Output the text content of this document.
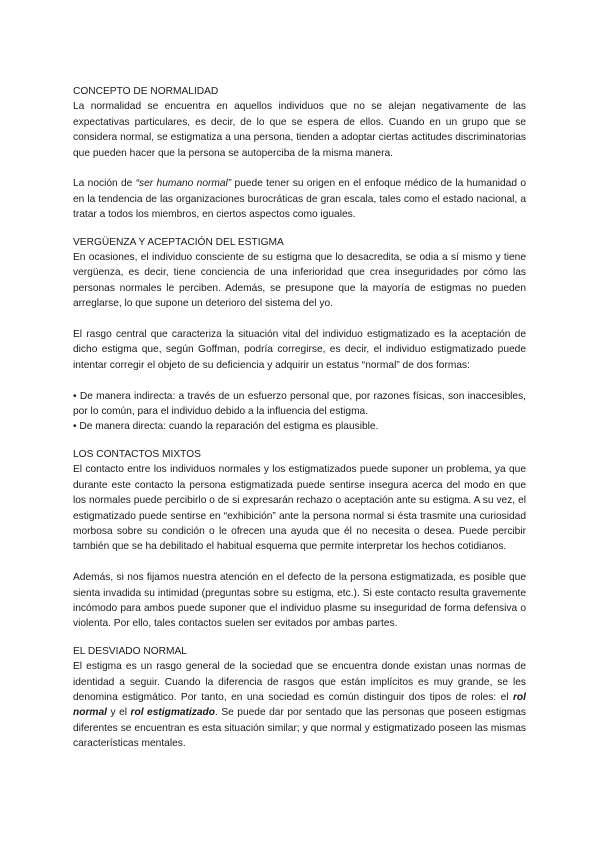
CONCEPTO DE NORMALIDAD

La normalidad se encuentra en aquellos individuos que no se alejan negativamente de las expectativas particulares, es decir, de lo que se espera de ellos. Cuando en un grupo que se considera normal, se estigmatiza a una persona, tienden a adoptar ciertas actitudes discriminatorias que pueden hacer que la persona se autoperciba de la misma manera.

La noción de “ser humano normal” puede tener su origen en el enfoque médico de la humanidad o en la tendencia de las organizaciones burocráticas de gran escala, tales como el estado nacional, a tratar a todos los miembros, en ciertos aspectos como iguales.

VERGÜENZA Y ACEPTACIÓN DEL ESTIGMA

En ocasiones, el individuo consciente de su estigma que lo desacredita, se odia a sí mismo y tiene vergüenza, es decir, tiene conciencia de una inferioridad que crea inseguridades por cómo las personas normales le perciben. Además, se presupone que la mayoría de estigmas no pueden arreglarse, lo que supone un deterioro del sistema del yo.

El rasgo central que caracteriza la situación vital del individuo estigmatizado es la aceptación de dicho estigma que, según Goffman, podría corregirse, es decir, el individuo estigmatizado puede intentar corregir el objeto de su deficiencia y adquirir un estatus “normal” de dos formas:

• De manera indirecta: a través de un esfuerzo personal que, por razones físicas, son inaccesibles, por lo común, para el individuo debido a la influencia del estigma.

• De manera directa: cuando la reparación del estigma es plausible.

LOS CONTACTOS MIXTOS

El contacto entre los individuos normales y los estigmatizados puede suponer un problema, ya que durante este contacto la persona estigmatizada puede sentirse insegura acerca del modo en que los normales puede percibirlo o de si expresarán rechazo o aceptación ante su estigma. A su vez, el estigmatizado puede sentirse en “exhibición” ante la persona normal si ésta trasmite una curiosidad morbosa sobre su condición o le ofrecen una ayuda que él no necesita o desea. Puede percibir también que se ha debilitado el habitual esquema que permite interpretar los hechos cotidianos.

Además, si nos fijamos nuestra atención en el defecto de la persona estigmatizada, es posible que sienta invadida su intimidad (preguntas sobre su estigma, etc.). Si este contacto resulta gravemente incómodo para ambos puede suponer que el individuo plasme su inseguridad de forma defensiva o violenta. Por ello, tales contactos suelen ser evitados por ambas partes.

EL DESVIADO NORMAL

El estigma es un rasgo general de la sociedad que se encuentra donde existan unas normas de identidad a seguir. Cuando la diferencia de rasgos que están implícitos es muy grande, se les denomina estigmático. Por tanto, en una sociedad es común distinguir dos tipos de roles: el rol normal y el rol estigmatizado. Se puede dar por sentado que las personas que poseen estigmas diferentes se encuentran es esta situación similar; y que normal y estigmatizado poseen las mismas características mentales.
